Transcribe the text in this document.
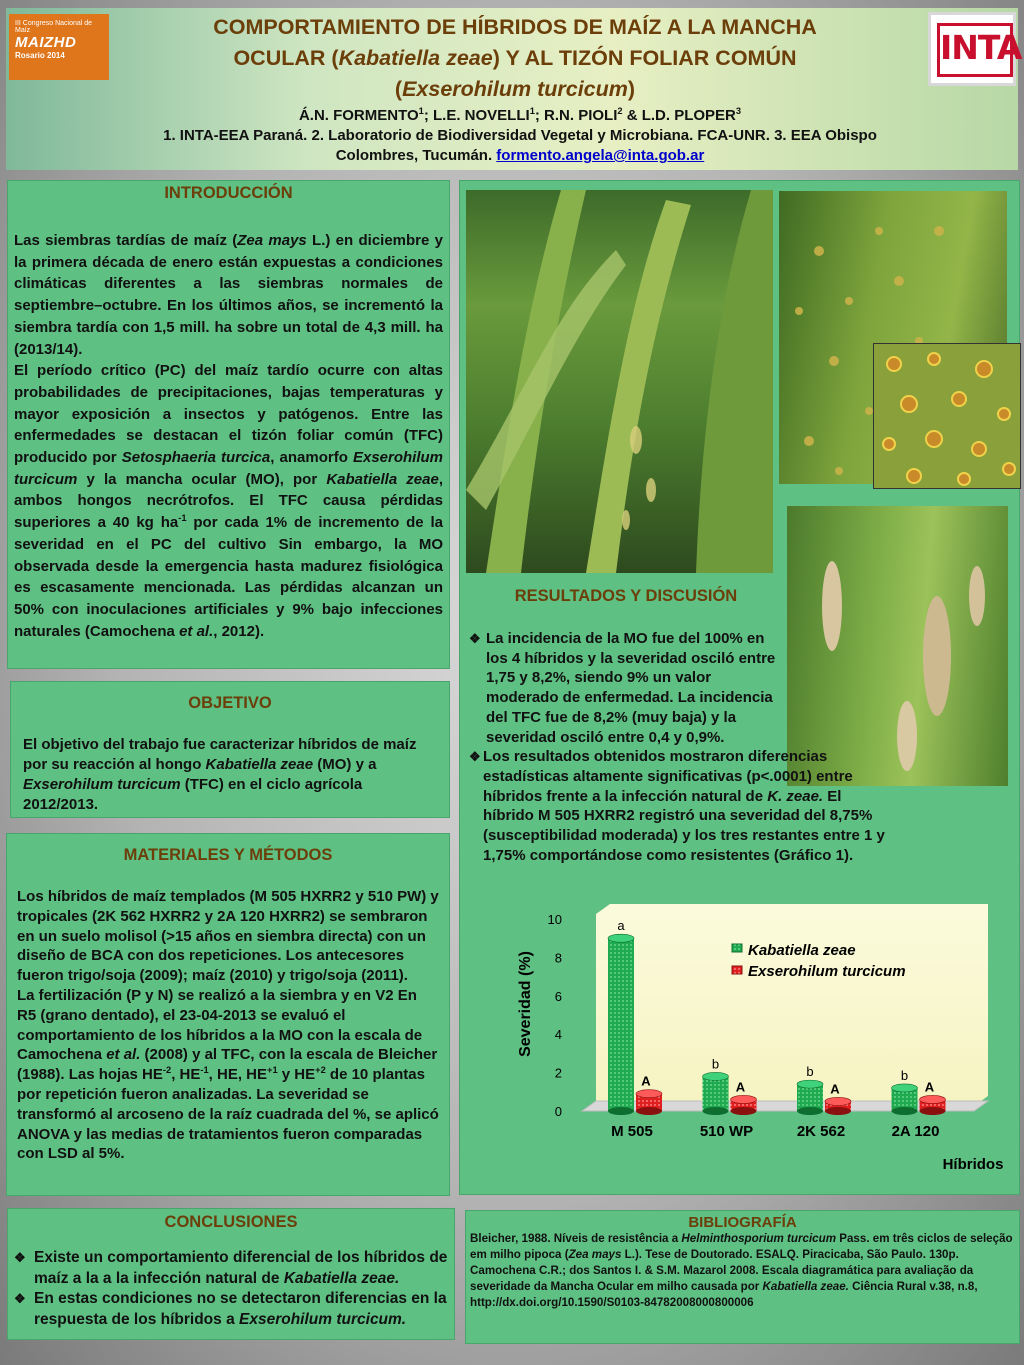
III Congreso Nacional de Maíz
MAIZHD
Rosario 2014	INTA
COMPORTAMIENTO DE HÍBRIDOS DE MAÍZ A LA MANCHA
OCULAR (Kabatiella zeae) Y AL TIZÓN FOLIAR COMÚN
(Exserohilum turcicum)
Á.N. FORMENTO$^1$; L.E. NOVELLI$^1$; R.N. PIOLI$^2$ & L.D. PLOPER$^3$
1. INTA-EEA Paraná. 2. Laboratorio de Biodiversidad Vegetal y Microbiana. FCA-UNR. 3. EEA Obispo Colombres, Tucumán. formento.angela@inta.gob.ar
INTRODUCCIÓN
Las siembras tardías de maíz (Zea mays L.) en diciembre y la primera década de enero están expuestas a condiciones climáticas diferentes a las siembras normales de septiembre–octubre. En los últimos años, se incrementó la siembra tardía con 1,5 mill. ha sobre un total de 4,3 mill. ha (2013/14).
El período crítico (PC) del maíz tardío ocurre con altas probabilidades de precipitaciones, bajas temperaturas y mayor exposición a insectos y patógenos. Entre las enfermedades se destacan el tizón foliar común (TFC) producido por Setosphaeria turcica, anamorfo Exserohilum turcicum y la mancha ocular (MO), por Kabatiella zeae, ambos hongos necrótrofos. El TFC causa pérdidas superiores a 40 kg $ha^{-1}$ por cada 1% de incremento de la severidad en el PC del cultivo Sin embargo, la MO observada desde la emergencia hasta madurez fisiológica es escasamente mencionada. Las pérdidas alcanzan un 50% con inoculaciones artificiales y 9% bajo infecciones naturales (Camochena et al., 2012).
OBJETIVO
El objetivo del trabajo fue caracterizar híbridos de maíz por su reacción al hongo Kabatiella zeae (MO) y a Exserohilum turcicum (TFC) en el ciclo agrícola 2012/2013.
MATERIALES Y MÉTODOS
Los híbridos de maíz templados (M 505 HXRR2 y 510 PW) y tropicales (2K 562 HXRR2 y 2A 120 HXRR2) se sembraron en un suelo molisol (>15 años en siembra directa) con un diseño de BCA con dos repeticiones. Los antecesores fueron trigo/soja (2009); maíz (2010) y trigo/soja (2011).
La fertilización (P y N) se realizó a la siembra y en V2 En R5 (grano dentado), el 23-04-2013 se evaluó el comportamiento de los híbridos a la MO con la escala de Camochena et al. (2008) y al TFC, con la escala de Bleicher (1988). Las hojas $HE^{-2}$, $HE^{-1}$, HE, $HE^{+1}$ y $HE^{+2}$ de 10 plantas por repetición fueron analizadas. La severidad se transformó al arcoseno de la raíz cuadrada del %, se aplicó ANOVA y las medias de tratamientos fueron comparadas con LSD al 5%.
CONCLUSIONES
❖ Existe un comportamiento diferencial de los híbridos de maíz a la a la infección natural de Kabatiella zeae.
❖ En estas condiciones no se detectaron diferencias en la respuesta de los híbridos a Exserohilum turcicum.
RESULTADOS Y DISCUSIÓN
❖ La incidencia de la MO fue del 100% en los 4 híbridos y la severidad osciló entre 1,75 y 8,2%, siendo 9% un valor moderado de enfermedad. La incidencia del TFC fue de 8,2% (muy baja) y la severidad osciló entre 0,4 y 0,9%.
❖ Los resultados obtenidos mostraron diferencias estadísticas altamente significativas (p<.0001) entre híbridos frente a la infección natural de K. zeae. El híbrido M 505 HXRR2 registró una severidad del 8,75% (susceptibilidad moderada) y los tres restantes entre 1 y 1,75% comportándose como resistentes (Gráfico 1).
0
2
4
6
8
10	a
A
M 505
b
A
510 WP
b
A
2K 562
b
A
2A 120
Kabatiella zeae
Exserohilum turcicum
Severidad (%)
Híbridos
BIBLIOGRAFÍA
Bleicher, 1988. Níveis de resistência a Helminthosporium turcicum Pass. em três ciclos de seleção em milho pipoca (Zea mays L.). Tese de Doutorado. ESALQ. Piracicaba, São Paulo. 130p.
Camochena C.R.; dos Santos I. & S.M. Mazarol 2008. Escala diagramática para avaliação da severidade da Mancha Ocular em milho causada por Kabatiella zeae. Ciência Rural v.38, n.8, http://dx.doi.org/10.1590/S0103-84782008000800006
